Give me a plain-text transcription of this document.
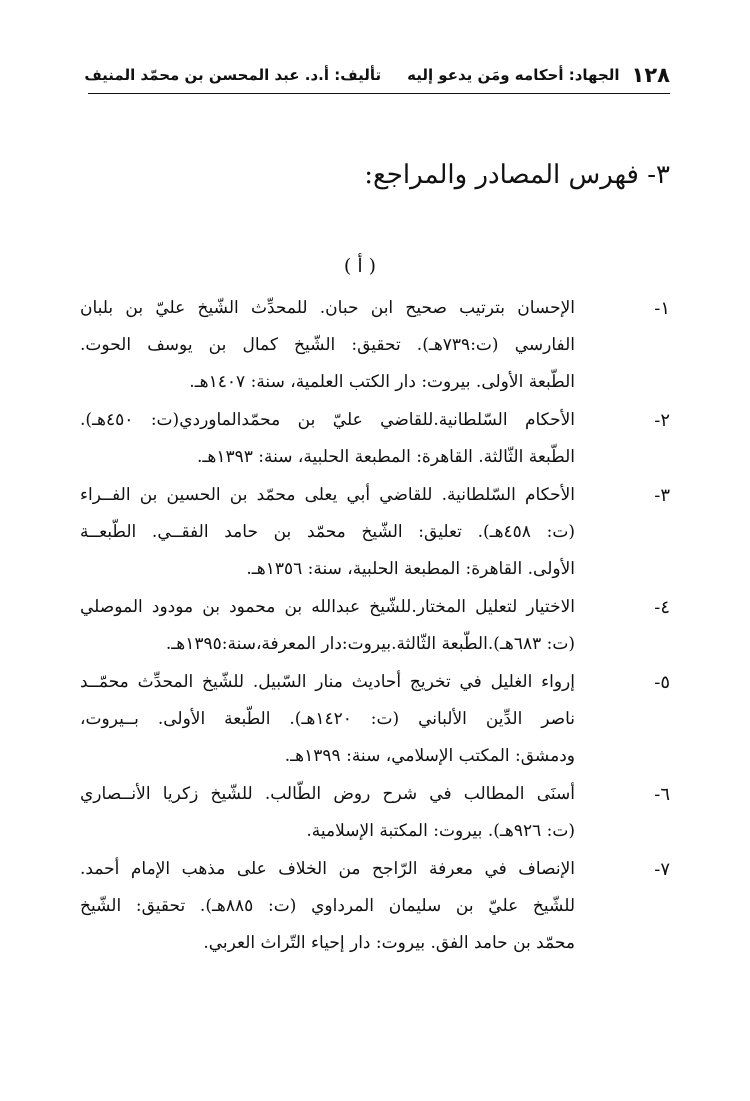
١٢٨
الجهاد: أحكامه ومَن يدعو إليه
تأليف: أ.د. عبد المحسن بن محمّد المنيف
٣- فهرس المصادر والمراجع:
( أ )
١-
الإحسان بترتيب صحيح ابن حبان. للمحدِّث الشّيخ عليّ بن بلبان
الفارسي (ت:٧٣٩هـ). تحقيق: الشّيخ كمال بن يوسف الحوت.
الطّبعة الأولى. بيروت: دار الكتب العلمية، سنة: ١٤٠٧هـ.
٢-
الأحكام السّلطانية.للقاضي عليّ بن محمّدالماوردي(ت: ٤٥٠هـ).
الطّبعة الثّالثة. القاهرة: المطبعة الحلبية، سنة: ١٣٩٣هـ.
٣-
الأحكام السّلطانية. للقاضي أبي يعلى محمّد بن الحسين بن الفــراء
(ت: ٤٥٨هـ). تعليق: الشّيخ محمّد بن حامد الفقــي. الطّبعــة
الأولى. القاهرة: المطبعة الحلبية، سنة: ١٣٥٦هـ.
٤-
الاختيار لتعليل المختار.للشّيخ عبدالله بن محمود بن مودود الموصلي
(ت: ٦٨٣هـ).الطّبعة الثّالثة.بيروت:دار المعرفة،سنة:١٣٩٥هـ.
٥-
إرواء الغليل في تخريج أحاديث منار السّبيل. للشّيخ المحدِّث محمّــد
ناصر الدِّين الألباني (ت: ١٤٢٠هـ). الطّبعة الأولى. بــيروت،
ودمشق: المكتب الإسلامي، سنة: ١٣٩٩هـ.
٦-
أسنَى المطالب في شرح روض الطّالب. للشّيخ زكريا الأنــصاري
(ت: ٩٢٦هـ). بيروت: المكتبة الإسلامية.
٧-
الإنصاف في معرفة الرّاجح من الخلاف على مذهب الإمام أحمد.
للشّيخ عليّ بن سليمان المرداوي (ت: ٨٨٥هـ). تحقيق: الشّيخ
محمّد بن حامد الفق. بيروت: دار إحياء التّراث العربي.
